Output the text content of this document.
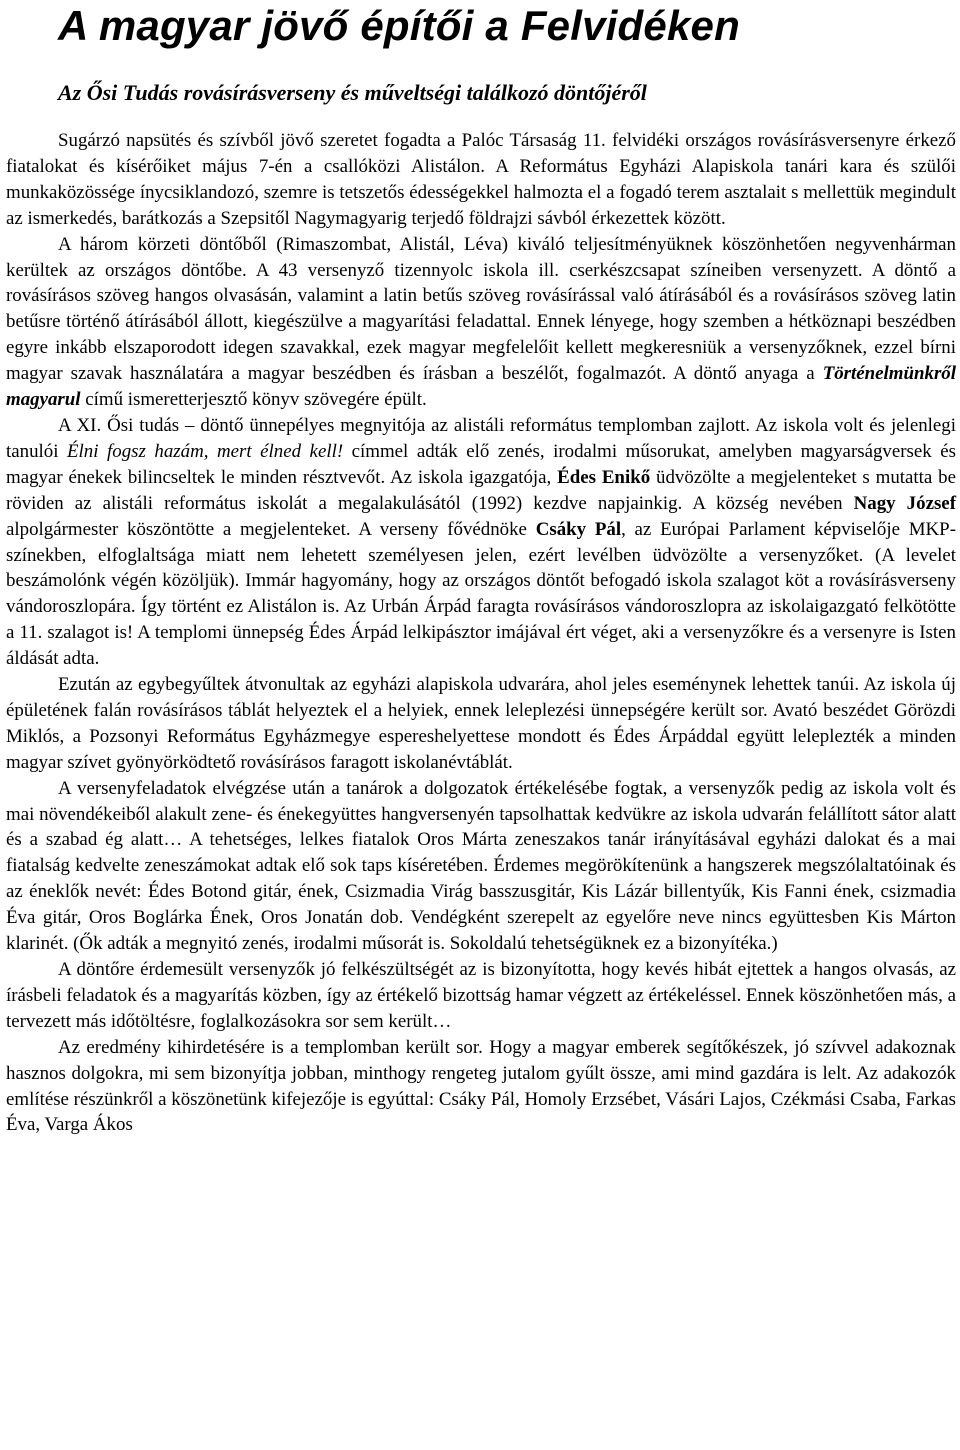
A magyar jövő építői a Felvidéken
Az Ősi Tudás rovásírásverseny és műveltségi találkozó döntőjéről

Sugárzó napsütés és szívből jövő szeretet fogadta a Palóc Társaság 11. felvidéki országos rovásírásversenyre érkező fiatalokat és kísérőiket május 7-én a csallóközi Alistálon. A Református Egyházi Alapiskola tanári kara és szülői munkaközössége ínycsiklandozó, szemre is tetszetős édességekkel halmozta el a fogadó terem asztalait s mellettük megindult az ismerkedés, barátkozás a Szepsitől Nagymagyarig terjedő földrajzi sávból érkezettek között.

A három körzeti döntőből (Rimaszombat, Alistál, Léva) kiváló teljesítményüknek köszönhetően negyvenhárman kerültek az országos döntőbe. A 43 versenyző tizennyolc iskola ill. cserkészcsapat színeiben versenyzett. A döntő a rovásírásos szöveg hangos olvasásán, valamint a latin betűs szöveg rovásírással való átírásából és a rovásírásos szöveg latin betűsre történő átírásából állott, kiegészülve a magyarítási feladattal. Ennek lényege, hogy szemben a hétköznapi beszédben egyre inkább elszaporodott idegen szavakkal, ezek magyar megfelelőit kellett megkeresniük a versenyzőknek, ezzel bírni magyar szavak használatára a magyar beszédben és írásban a beszélőt, fogalmazót. A döntő anyaga a Történelmünkről magyarul című ismeretterjesztő könyv szövegére épült.

A XI. Ősi tudás – döntő ünnepélyes megnyitója az alistáli református templomban zajlott. Az iskola volt és jelenlegi tanulói Élni fogsz hazám, mert élned kell! címmel adták elő zenés, irodalmi műsorukat, amelyben magyarságversek és magyar énekek bilincseltek le minden résztvevőt. Az iskola igazgatója, Édes Enikő üdvözölte a megjelenteket s mutatta be röviden az alistáli református iskolát a megalakulásától (1992) kezdve napjainkig. A község nevében Nagy József alpolgármester köszöntötte a megjelenteket. A verseny fővédnöke Csáky Pál, az Európai Parlament képviselője MKP-színekben, elfoglaltsága miatt nem lehetett személyesen jelen, ezért levélben üdvözölte a versenyzőket. (A levelet beszámolónk végén közöljük). Immár hagyomány, hogy az országos döntőt befogadó iskola szalagot köt a rovásírásverseny vándoroszlopára. Így történt ez Alistálon is. Az Urbán Árpád faragta rovásírásos vándoroszlopra az iskolaigazgató felkötötte a 11. szalagot is! A templomi ünnepség Édes Árpád lelkipásztor imájával ért véget, aki a versenyzőkre és a versenyre is Isten áldását adta.

Ezután az egybegyűltek átvonultak az egyházi alapiskola udvarára, ahol jeles eseménynek lehettek tanúi. Az iskola új épületének falán rovásírásos táblát helyeztek el a helyiek, ennek leleplezési ünnepségére került sor. Avató beszédet Görözdi Miklós, a Pozsonyi Református Egyházmegye espereshelyettese mondott és Édes Árpáddal együtt leleplezték a minden magyar szívet gyönyörködtető rovásírásos faragott iskolanévtáblát.

A versenyfeladatok elvégzése után a tanárok a dolgozatok értékelésébe fogtak, a versenyzők pedig az iskola volt és mai növendékeiből alakult zene- és énekegyüttes hangversenyén tapsolhattak kedvükre az iskola udvarán felállított sátor alatt és a szabad ég alatt… A tehetséges, lelkes fiatalok Oros Márta zeneszakos tanár irányításával egyházi dalokat és a mai fiatalság kedvelte zeneszámokat adtak elő sok taps kíséretében. Érdemes megörökítenünk a hangszerek megszólaltatóinak és az éneklők nevét: Édes Botond gitár, ének, Csizmadia Virág basszusgitár, Kis Lázár billentyűk, Kis Fanni ének, csizmadia Éva gitár, Oros Boglárka Ének, Oros Jonatán dob. Vendégként szerepelt az egyelőre neve nincs együttesben Kis Márton klarinét. (Ők adták a megnyitó zenés, irodalmi műsorát is. Sokoldalú tehetségüknek ez a bizonyítéka.)

A döntőre érdemesült versenyzők jó felkészültségét az is bizonyította, hogy kevés hibát ejtettek a hangos olvasás, az írásbeli feladatok és a magyarítás közben, így az értékelő bizottság hamar végzett az értékeléssel. Ennek köszönhetően más, a tervezett más időtöltésre, foglalkozásokra sor sem került…

Az eredmény kihirdetésére is a templomban került sor. Hogy a magyar emberek segítőkészek, jó szívvel adakoznak hasznos dolgokra, mi sem bizonyítja jobban, minthogy rengeteg jutalom gyűlt össze, ami mind gazdára is lelt. Az adakozók említése részünkről a köszönetünk kifejezője is egyúttal: Csáky Pál, Homoly Erzsébet, Vásári Lajos, Czékmási Csaba, Farkas Éva, Varga Ákos
